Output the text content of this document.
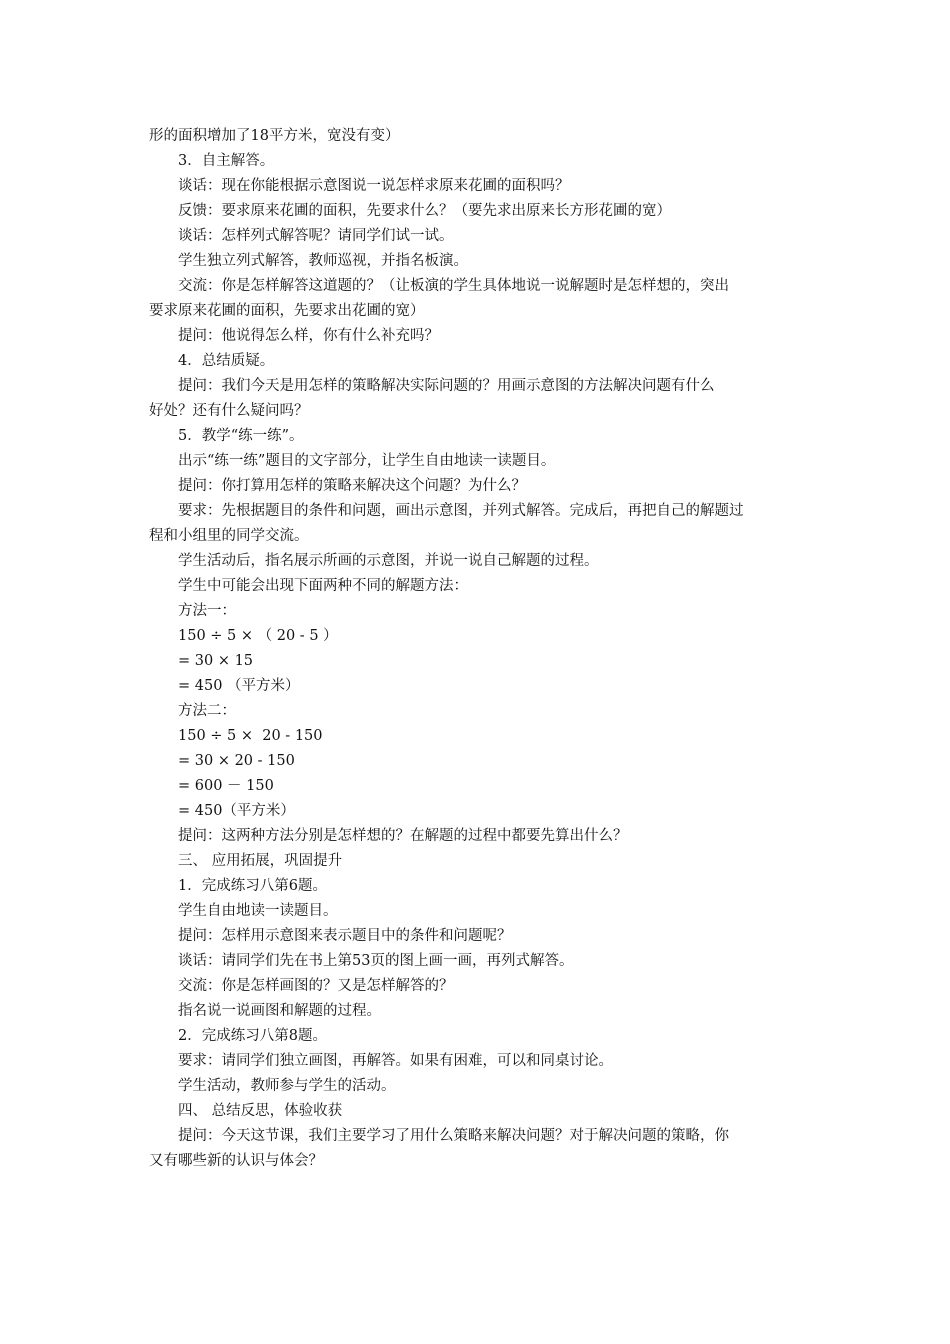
形的面积增加了18平方米，宽没有变）
3．自主解答。
谈话：现在你能根据示意图说一说怎样求原来花圃的面积吗？
反馈：要求原来花圃的面积，先要求什么？（要先求出原来长方形花圃的宽）
谈话：怎样列式解答呢？请同学们试一试。
学生独立列式解答，教师巡视，并指名板演。
交流：你是怎样解答这道题的？（让板演的学生具体地说一说解题时是怎样想的，突出
要求原来花圃的面积，先要求出花圃的宽）
提问：他说得怎么样，你有什么补充吗？
4．总结质疑。
提问：我们今天是用怎样的策略解决实际问题的？用画示意图的方法解决问题有什么
好处？还有什么疑问吗？
5．教学“练一练”。
出示“练一练”题目的文字部分，让学生自由地读一读题目。
提问：你打算用怎样的策略来解决这个问题？为什么？
要求：先根据题目的条件和问题，画出示意图，并列式解答。完成后，再把自己的解题过
程和小组里的同学交流。
学生活动后，指名展示所画的示意图，并说一说自己解题的过程。
学生中可能会出现下面两种不同的解题方法：
方法一：
150 ÷ 5 × （ 20 - 5 ）
= 30 × 15
= 450 （平方米）
方法二：
150 ÷ 5 ×  20 - 150
= 30 × 20 - 150
= 600 － 150
= 450（平方米）
提问：这两种方法分别是怎样想的？在解题的过程中都要先算出什么？
三、 应用拓展，巩固提升
1．完成练习八第6题。
学生自由地读一读题目。
提问：怎样用示意图来表示题目中的条件和问题呢？
谈话：请同学们先在书上第53页的图上画一画，再列式解答。
交流：你是怎样画图的？又是怎样解答的？
指名说一说画图和解题的过程。
2．完成练习八第8题。
要求：请同学们独立画图，再解答。如果有困难，可以和同桌讨论。
学生活动，教师参与学生的活动。
四、 总结反思，体验收获
提问：今天这节课，我们主要学习了用什么策略来解决问题？对于解决问题的策略，你
又有哪些新的认识与体会？
